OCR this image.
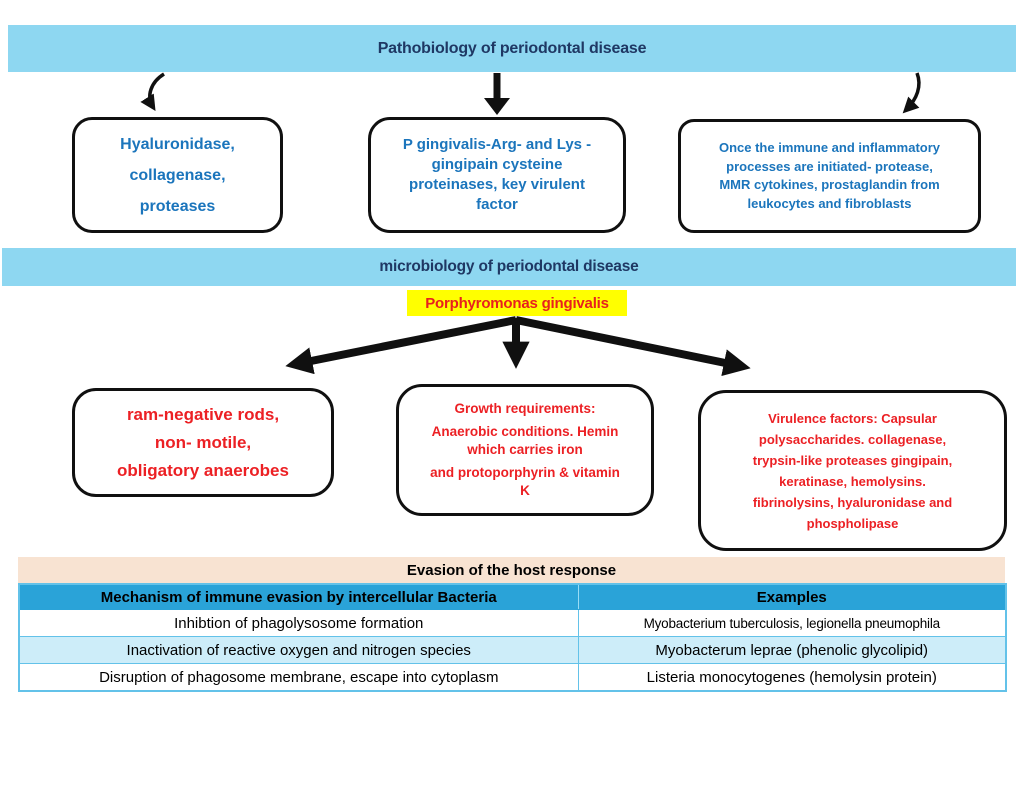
Pathobiology of periodontal disease
Hyaluronidase,
collagenase,
proteases
P gingivalis-Arg- and Lys -
gingipain cysteine
proteinases, key virulent
factor
Once the immune and inflammatory
processes are initiated- protease,
MMR cytokines, prostaglandin from
leukocytes and fibroblasts
microbiology of periodontal disease
Porphyromonas gingivalis
ram-negative rods,
non- motile,
obligatory anaerobes
Growth requirements:
Anaerobic conditions. Hemin
which carries iron
and protoporphyrin & vitamin
K
Virulence factors: Capsular
polysaccharides. collagenase,
trypsin-like proteases gingipain,
keratinase, hemolysins.
fibrinolysins, hyaluronidase and
phospholipase
Evasion of the host response
Mechanism of immune evasion by intercellular Bacteria	Examples
Inhibtion of phagolysosome formation	Myobacterium tuberculosis, legionella pneumophila
Inactivation of reactive oxygen and nitrogen species	Myobacterum leprae (phenolic glycolipid)
Disruption of phagosome membrane, escape into cytoplasm	Listeria monocytogenes (hemolysin protein)
